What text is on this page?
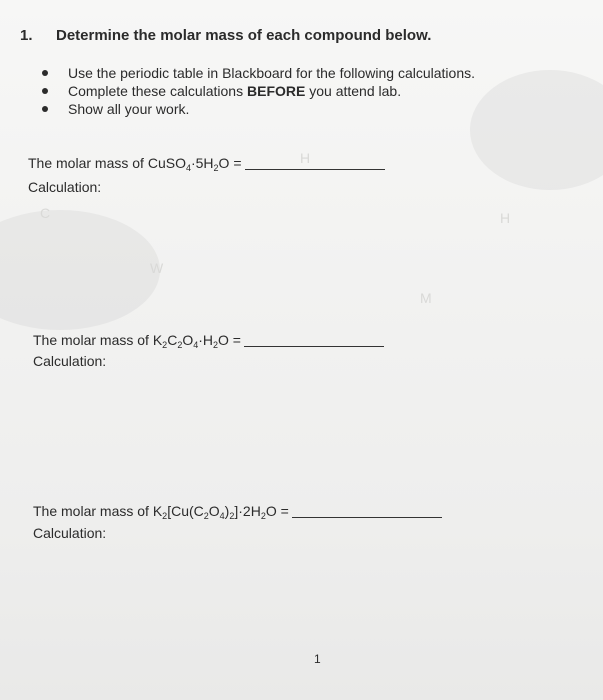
H
C
W
H
M
1. Determine the molar mass of each compound below.
Use the periodic table in Blackboard for the following calculations.
Complete these calculations BEFORE you attend lab.
Show all your work.
The molar mass of $CuSO_4\cdot 5H_2O$ =
Calculation:
The molar mass of $K_2C_2O_4\cdot H_2O$ =
Calculation:
The molar mass of $K_2[Cu(C_2O_4)_2]\cdot 2H_2O$ =
Calculation:
1
